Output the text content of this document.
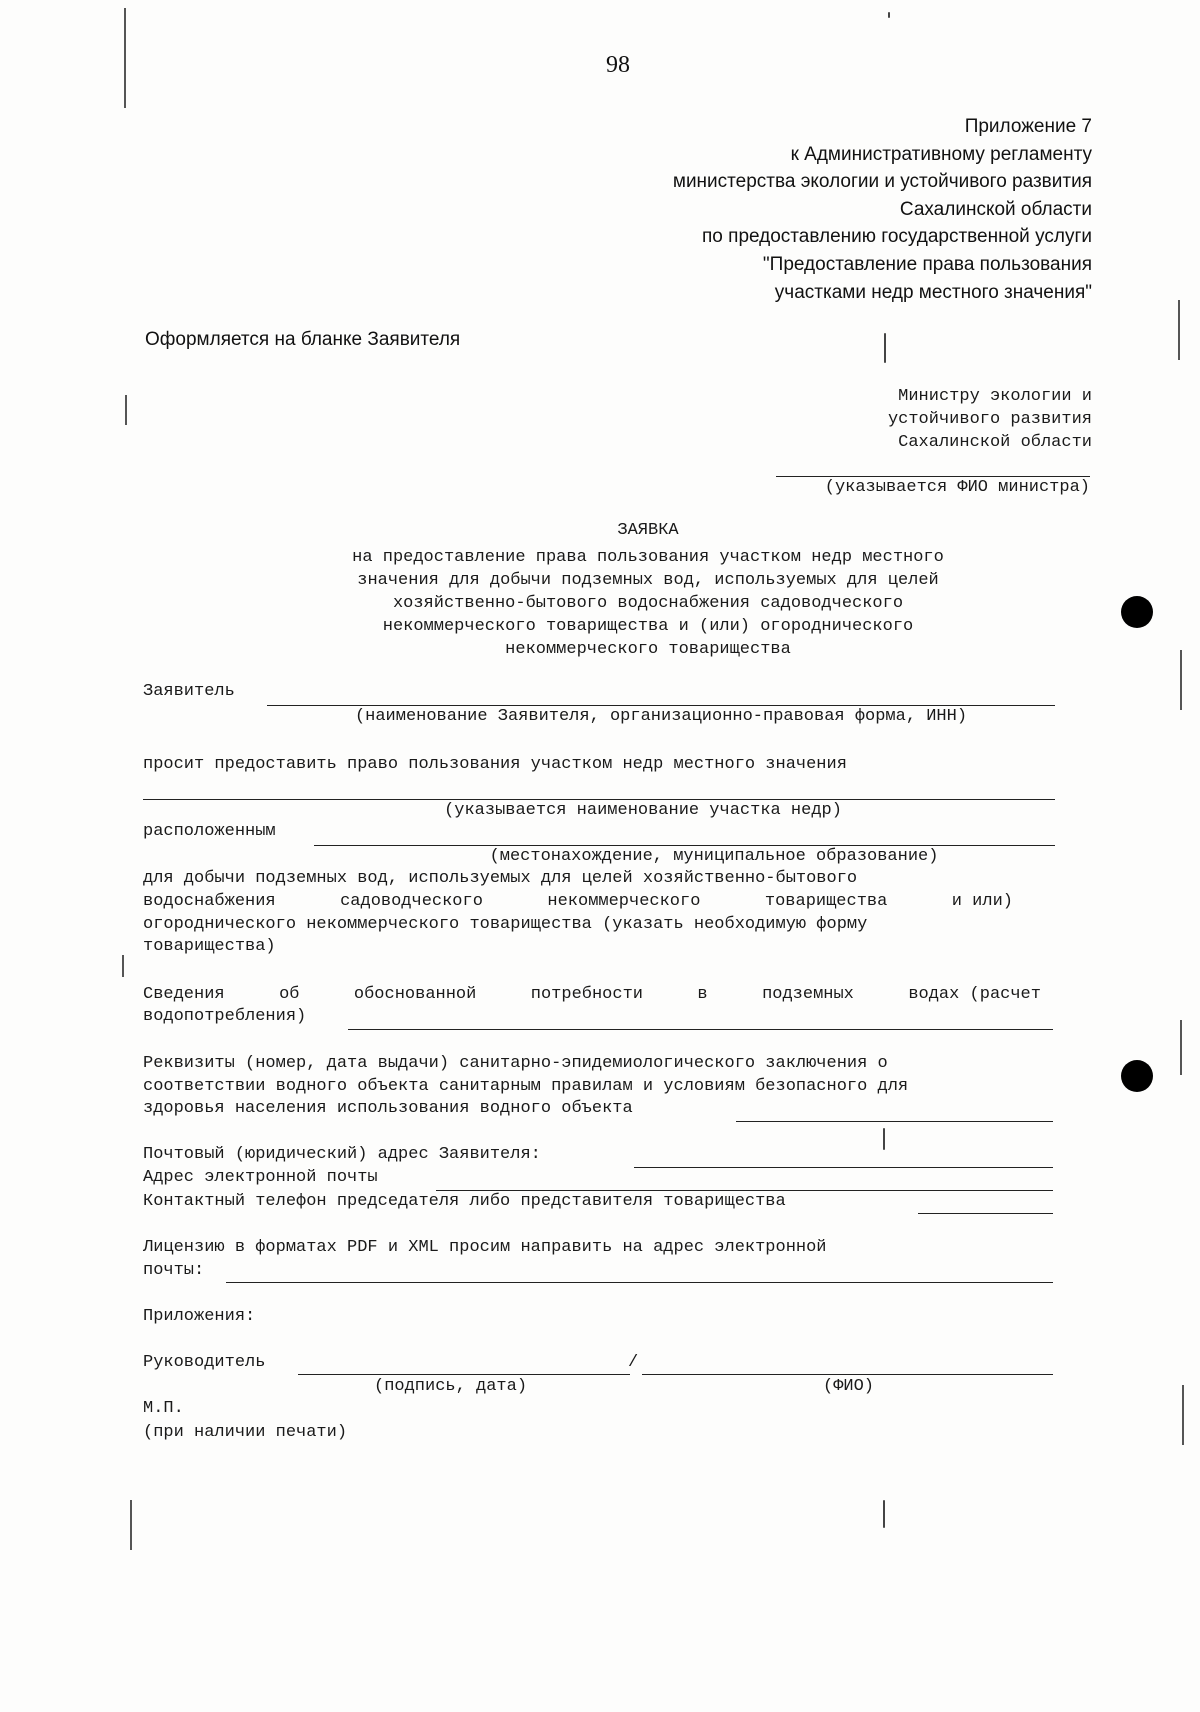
98
Приложение 7
к Административному регламенту
министерства экологии и устойчивого развития
Сахалинской области
по предоставлению государственной услуги
"Предоставление права пользования
участками недр местного значения"
Оформляется на бланке Заявителя
Министру экологии и
устойчивого развития
Сахалинской области
(указывается ФИО министра)
ЗАЯВКА
на предоставление права пользования участком недр местного
значения для добычи подземных вод, используемых для целей
хозяйственно-бытового водоснабжения садоводческого
некоммерческого товарищества и (или) огороднического
некоммерческого товарищества
Заявитель
(наименование Заявителя, организационно-правовая форма, ИНН)
просит предоставить право пользования участком недр местного значения
(указывается наименование участка недр)
расположенным
(местонахождение, муниципальное образование)
для добычи подземных вод, используемых для целей хозяйственно-бытового
водоснабжения	садоводческого	некоммерческого	товарищества	и или)
огороднического некоммерческого товарищества (указать необходимую форму
товарищества)
Сведения	об	обоснованной	потребности	в	подземных	водах (расчет
водопотребления)
Реквизиты (номер, дата выдачи) санитарно-эпидемиологического заключения о
соответствии водного объекта санитарным правилам и условиям безопасного для
здоровья населения использования водного объекта
Почтовый (юридический) адрес Заявителя:
Адрес электронной почты
Контактный телефон председателя либо представителя товарищества
Лицензию в форматах PDF и XML просим направить на адрес электронной
почты:
Приложения:
Руководитель	/
(подпись, дата)	(ФИО)
М.П.
(при наличии печати)
